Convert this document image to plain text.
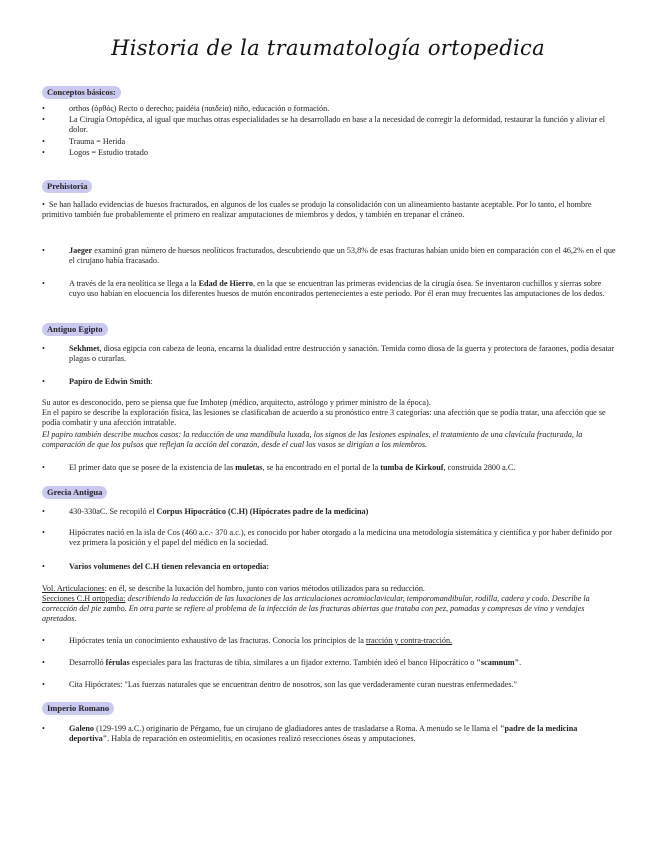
Historia de la traumatología ortopedica
Conceptos básicos:
•	orthos (ὀρθός) Recto o derecho; paidéia (παιδεία) niño, educación o formación.
•	La Cirugía Ortopédica, al igual que muchas otras especialidades se ha desarrollado en base a la necesidad de corregir la deformidad, restaurar la función y aliviar el dolor.
•	Trauma = Herida
•	Logos = Estudio tratado
Prehistoria
•  Se han hallado evidencias de huesos fracturados, en algunos de los cuales se produjo la consolidación con un alineamiento bastante aceptable. Por lo tanto, el hombre primitivo también fue probablemente el primero en realizar amputaciones de miembros y dedos, y también en trepanar el cráneo.
•	Jaeger examinó gran número de huesos neolíticos fracturados, descubriendo que un 53,8% de esas fracturas habían unido bien en comparación con el 46,2% en el que el cirujano había fracasado.
•	A través de la era neolítica se llega a la Edad de Hierro, en la que se encuentran las primeras evidencias de la cirugía ósea. Se inventaron cuchillos y sierras sobre cuyo uso habían en elocuencia los diferentes huesos de mutón encontrados pertenecientes a este periodo. Por él eran muy frecuentes las amputaciones de los dedos.
Antiguo Egipto
•	Sekhmet, diosa egipcia con cabeza de leona, encarna la dualidad entre destrucción y sanación. Temida como diosa de la guerra y protectora de faraones, podía desatar plagas o curarlas.
•	Papiro de Edwin Smith:
Su autor es desconocido, pero se piensa que fue Imhotep (médico, arquitecto, astrólogo y primer ministro de la época).
En el papiro se describe la exploración física, las lesiones se clasificaban de acuerdo a su pronóstico entre 3 categorías: una afección que se podía tratar, una afección que se podía combatir y una afección intratable.
El papiro también describe muchos casos: la reducción de una mandíbula luxada, los signos de las lesiones espinales, el tratamiento de una clavícula fracturada, la comparación de que los pulsos que reflejan la acción del corazón, desde el cual los vasos se dirigían a los miembros.
•	El primer dato que se posee de la existencia de las muletas, se ha encontrado en el portal de la tumba de Kirkouf, construida 2800 a.C.
Grecia Antigua
•	430-330aC. Se recopiló el Corpus Hipocrático (C.H) (Hipócrates padre de la medicina)
•	Hipócrates nació en la isla de Cos (460 a.c.- 370 a.c.), es conocido por haber otorgado a la medicina una metodología sistemática y científica y por haber definido por vez primera la posición y el papel del médico en la sociedad.
•	Varios volumenes del C.H tienen relevancia en ortopedia:
Vol. Articulaciones: en él, se describe la luxación del hombro, junto con varios métodos utilizados para su reducción.
Secciones C.H ortopedia: describiendo la reducción de las luxaciones de las articulaciones acromioclavicular, temporomandibular, rodilla, cadera y codo. Describe la corrección del pie zambo. En otra parte se refiere al problema de la infección de las fracturas abiertas que trataba con pez, pomadas y compresas de vino y vendajes apretados.
•	Hipócrates tenía un conocimiento exhaustivo de las fracturas. Conocía los principios de la tracción y contra-tracción.
•	Desarrolló férulas especiales para las fracturas de tibia, similares a un fijador externo. También ideó el banco Hipocrático o "scamnum".
•	Cita Hipócrates: "Las fuerzas naturales que se encuentran dentro de nosotros, son las que verdaderamente curan nuestras enfermedades."
Imperio Romano
•	Galeno (129-199 a.C.) originario de Pérgamo, fue un cirujano de gladiadores antes de trasladarse a Roma. A menudo se le llama el "padre de la medicina deportiva". Habla de reparación en osteomielitis, en ocasiones realizó resecciones óseas y amputaciones.
